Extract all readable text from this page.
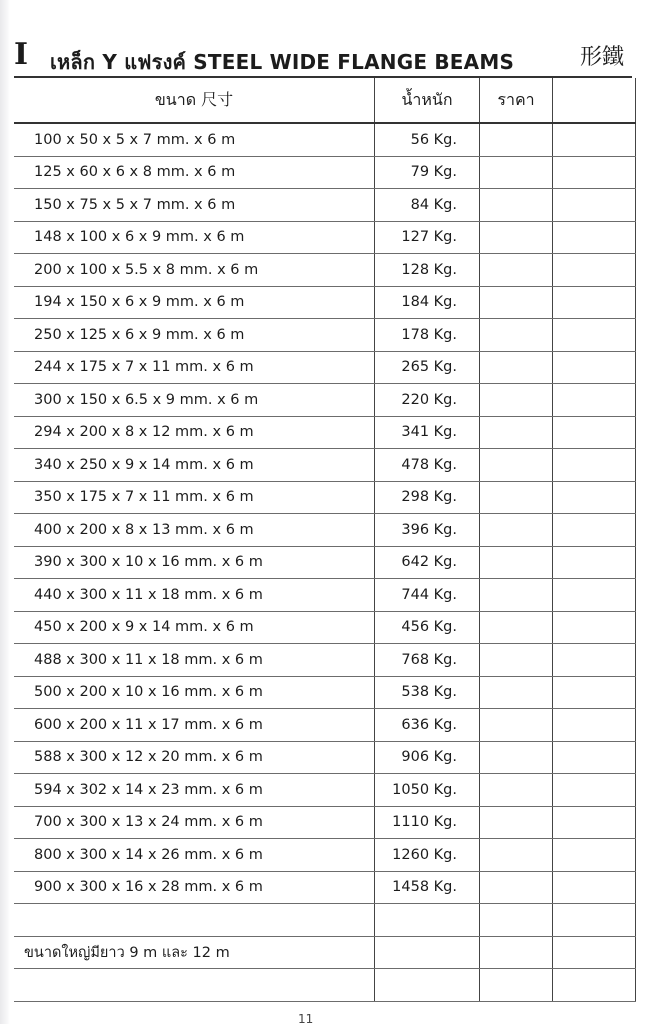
I เหล็ก Y แฟรงค์ STEEL WIDE FLANGE BEAMS	形鐵
ขนาด 尺寸	น้ำหนัก	ราคา	
100 x 50 x 5 x 7 mm. x 6 m	56 Kg.		
125 x 60 x 6 x 8 mm. x 6 m	79 Kg.		
150 x 75 x 5 x 7 mm. x 6 m	84 Kg.		
148 x 100 x 6 x 9 mm. x 6 m	127 Kg.		
200 x 100 x 5.5 x 8 mm. x 6 m	128 Kg.		
194 x 150 x 6 x 9 mm. x 6 m	184 Kg.		
250 x 125 x 6 x 9 mm. x 6 m	178 Kg.		
244 x 175 x 7 x 11 mm. x 6 m	265 Kg.		
300 x 150 x 6.5 x 9 mm. x 6 m	220 Kg.		
294 x 200 x 8 x 12 mm. x 6 m	341 Kg.		
340 x 250 x 9 x 14 mm. x 6 m	478 Kg.		
350 x 175 x 7 x 11 mm. x 6 m	298 Kg.		
400 x 200 x 8 x 13 mm. x 6 m	396 Kg.		
390 x 300 x 10 x 16 mm. x 6 m	642 Kg.		
440 x 300 x 11 x 18 mm. x 6 m	744 Kg.		
450 x 200 x 9 x 14 mm. x 6 m	456 Kg.		
488 x 300 x 11 x 18 mm. x 6 m	768 Kg.		
500 x 200 x 10 x 16 mm. x 6 m	538 Kg.		
600 x 200 x 11 x 17 mm. x 6 m	636 Kg.		
588 x 300 x 12 x 20 mm. x 6 m	906 Kg.		
594 x 302 x 14 x 23 mm. x 6 m	1050 Kg.		
700 x 300 x 13 x 24 mm. x 6 m	1110 Kg.		
800 x 300 x 14 x 26 mm. x 6 m	1260 Kg.		
900 x 300 x 16 x 28 mm. x 6 m	1458 Kg.		

ขนาดใหญ่มียาว 9 m และ 12 m			

11
